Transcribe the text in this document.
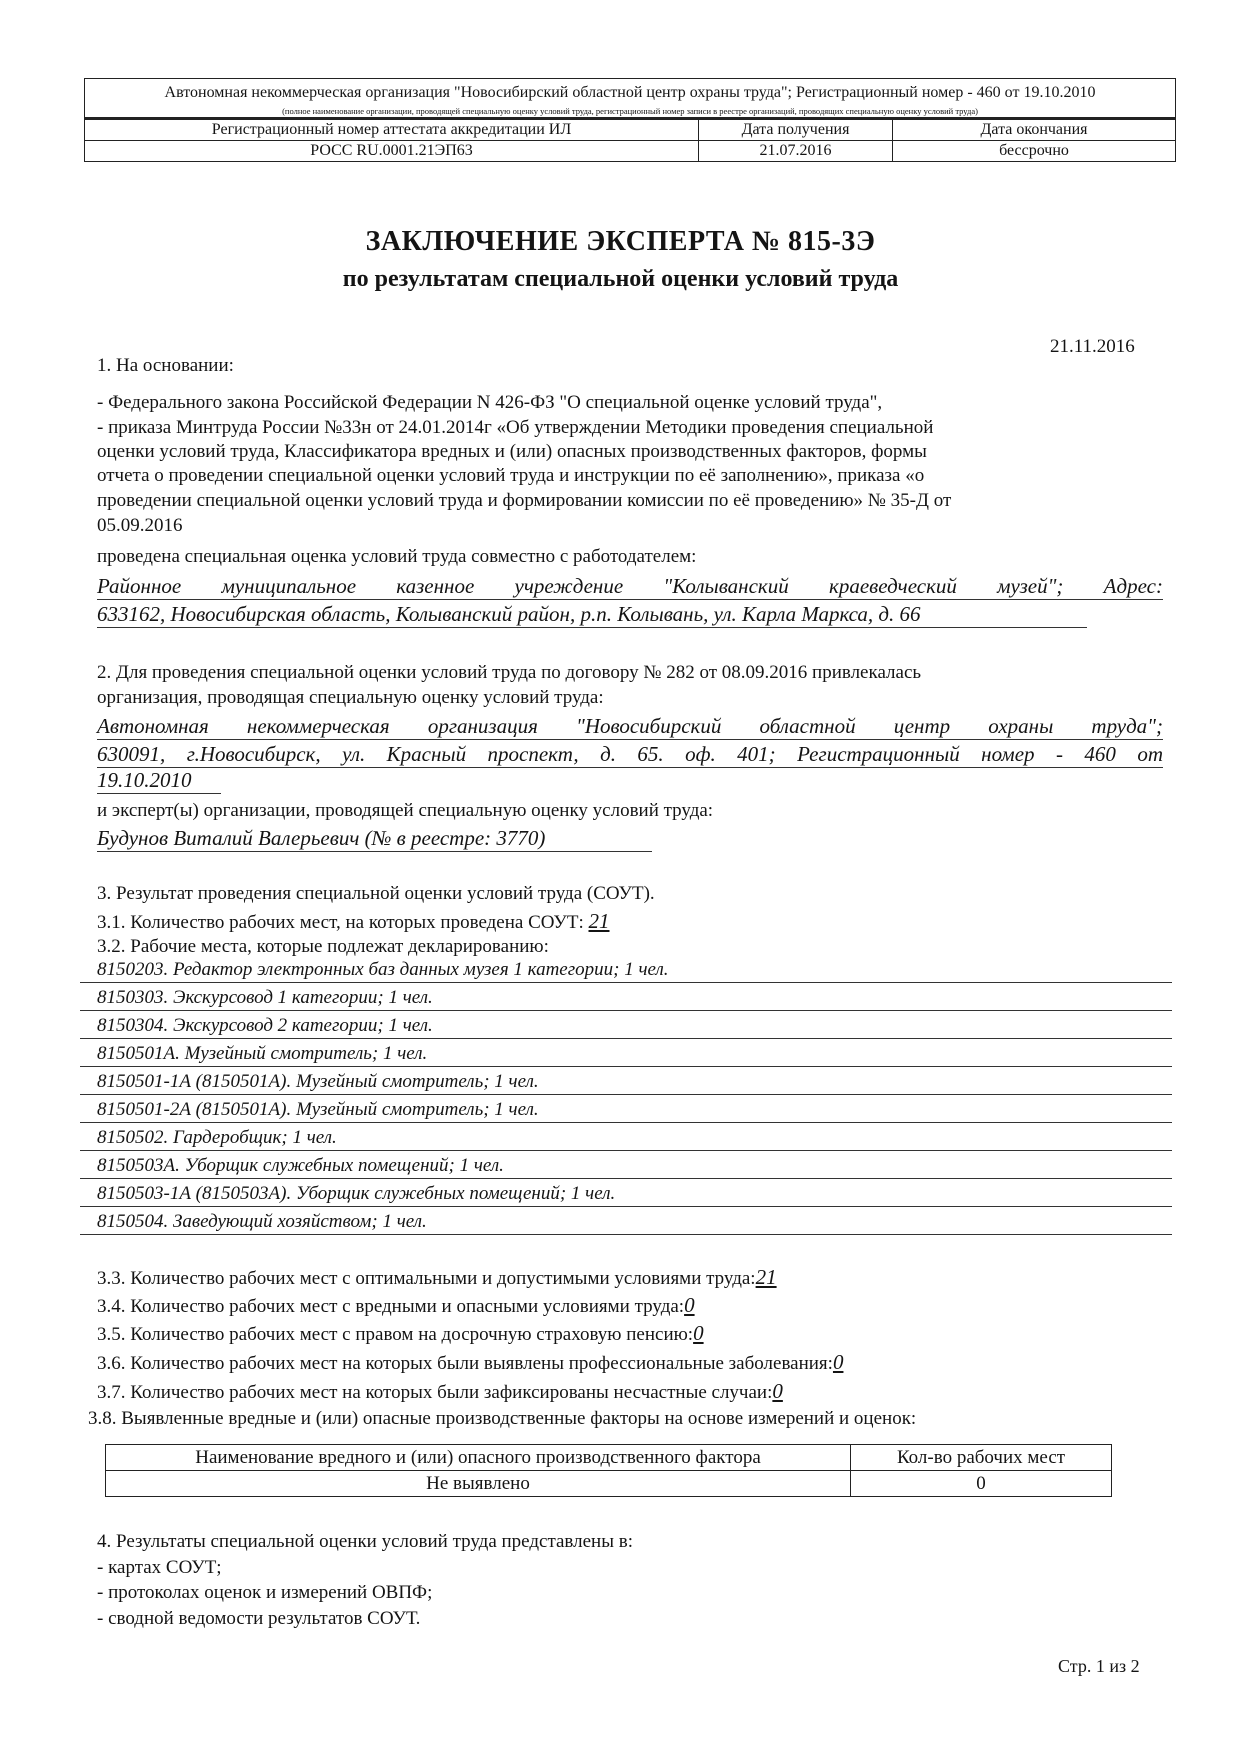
Автономная некоммерческая организация "Новосибирский областной центр охраны труда"; Регистрационный номер - 460 от 19.10.2010
(полное наименование организации, проводящей специальную оценку условий труда, регистрационный номер записи в реестре организаций, проводящих специальную оценку условий труда)
Регистрационный номер аттестата аккредитации ИЛ	Дата получения	Дата окончания
РОСС RU.0001.21ЭП63	21.07.2016	бессрочно
ЗАКЛЮЧЕНИЕ ЭКСПЕРТА № 815-3Э
по результатам специальной оценки условий труда
21.11.2016
1. На основании:
- Федерального закона Российской Федерации N 426-ФЗ "О специальной оценке условий труда",
- приказа Минтруда России №33н от 24.01.2014г «Об утверждении Методики проведения специальной
оценки условий труда, Классификатора вредных и (или) опасных производственных факторов, формы
отчета о проведении специальной оценки условий труда и инструкции по её заполнению», приказа «о
проведении специальной оценки условий труда и формировании комиссии по её проведению» № 35-Д от
05.09.2016
проведена специальная оценка условий труда совместно с работодателем:
Районное муниципальное казенное учреждение "Колыванский краеведческий музей"; Адрес:
633162, Новосибирская область, Колыванский район, р.п. Колывань, ул. Карла Маркса, д. 66
2. Для проведения специальной оценки условий труда по договору № 282 от 08.09.2016 привлекалась
организация, проводящая специальную оценку условий труда:
Автономная некоммерческая организация "Новосибирский областной центр охраны труда";
630091, г.Новосибирск, ул. Красный проспект, д. 65. оф. 401; Регистрационный номер - 460 от
19.10.2010
и эксперт(ы) организации, проводящей специальную оценку условий труда:
Будунов Виталий Валерьевич (№ в реестре: 3770)
3. Результат проведения специальной оценки условий труда (СОУТ).
3.1. Количество рабочих мест, на которых проведена СОУТ: 21
3.2. Рабочие места, которые подлежат декларированию:
8150203. Редактор электронных баз данных музея 1 категории; 1 чел.
8150303. Экскурсовод 1 категории; 1 чел.
8150304. Экскурсовод 2 категории; 1 чел.
8150501А. Музейный смотритель; 1 чел.
8150501-1А (8150501А). Музейный смотритель; 1 чел.
8150501-2А (8150501А). Музейный смотритель; 1 чел.
8150502. Гардеробщик; 1 чел.
8150503А. Уборщик служебных помещений; 1 чел.
8150503-1А (8150503А). Уборщик служебных помещений; 1 чел.
8150504. Заведующий хозяйством; 1 чел.
3.3. Количество рабочих мест с оптимальными и допустимыми условиями труда:21
3.4. Количество рабочих мест с вредными и опасными условиями труда:0
3.5. Количество рабочих мест с правом на досрочную страховую пенсию:0
3.6. Количество рабочих мест на которых были выявлены профессиональные заболевания:0
3.7. Количество рабочих мест на которых были зафиксированы несчастные случаи:0
3.8. Выявленные вредные и (или) опасные производственные факторы на основе измерений и оценок:
Наименование вредного и (или) опасного производственного фактора	Кол-во рабочих мест
Не выявлено	0
4. Результаты специальной оценки условий труда представлены в:
- картах СОУТ;
- протоколах оценок и измерений ОВПФ;
- сводной ведомости результатов СОУТ.
Стр. 1 из 2
